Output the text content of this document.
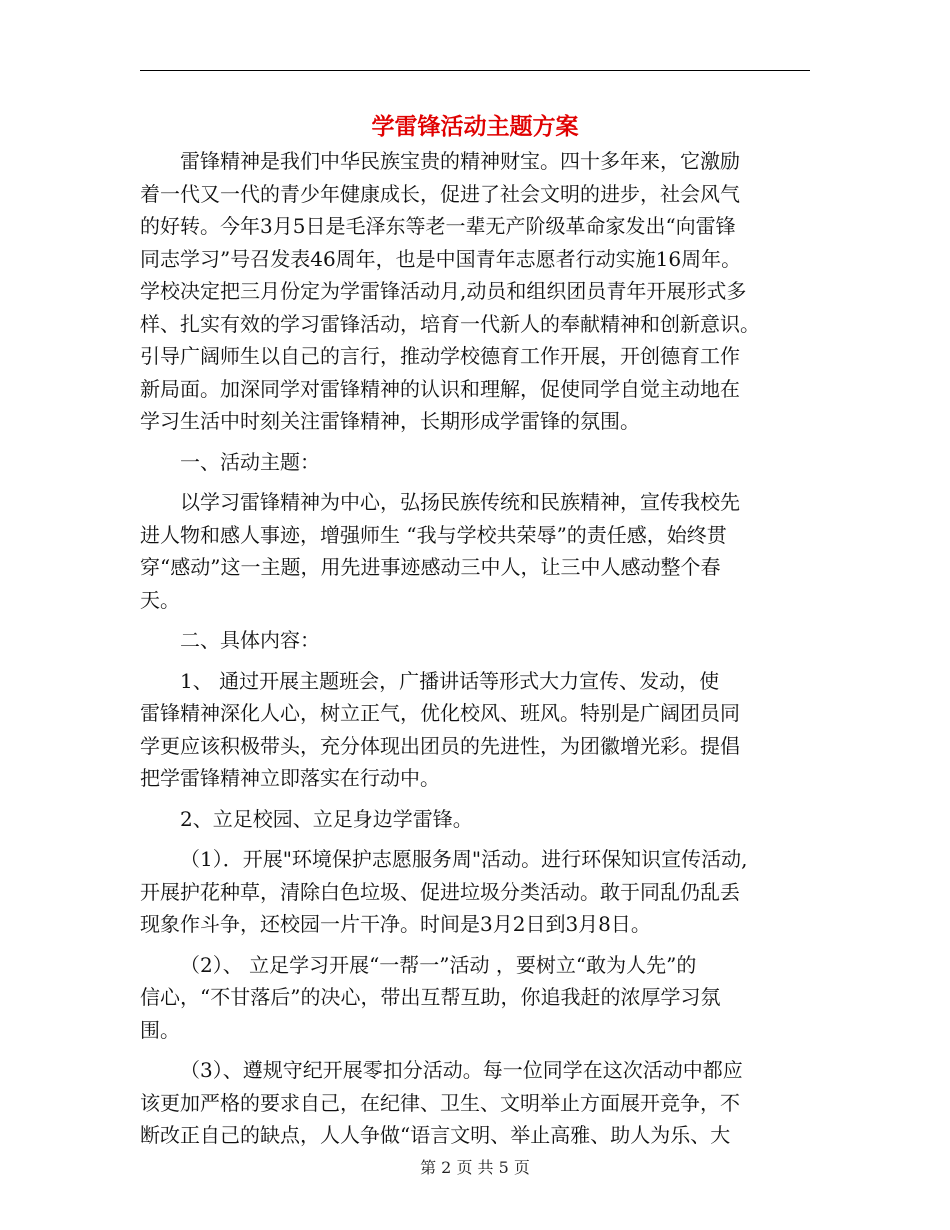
学雷锋活动主题方案
雷锋精神是我们中华民族宝贵的精神财宝。四十多年来，它激励
着一代又一代的青少年健康成长，促进了社会文明的进步，社会风气
的好转。今年3月5日是毛泽东等老一辈无产阶级革命家发出“向雷锋
同志学习”号召发表46周年，也是中国青年志愿者行动实施16周年。
学校决定把三月份定为学雷锋活动月,动员和组织团员青年开展形式多
样、扎实有效的学习雷锋活动，培育一代新人的奉献精神和创新意识。
引导广阔师生以自己的言行，推动学校德育工作开展，开创德育工作
新局面。加深同学对雷锋精神的认识和理解，促使同学自觉主动地在
学习生活中时刻关注雷锋精神，长期形成学雷锋的氛围。
一、活动主题：
以学习雷锋精神为中心，弘扬民族传统和民族精神，宣传我校先
进人物和感人事迹，增强师生 “我与学校共荣辱”的责任感，始终贯
穿“感动”这一主题，用先进事迹感动三中人，让三中人感动整个春
天。
二、具体内容：
1、 通过开展主题班会，广播讲话等形式大力宣传、发动，使
雷锋精神深化人心，树立正气，优化校风、班风。特别是广阔团员同
学更应该积极带头，充分体现出团员的先进性，为团徽增光彩。提倡
把学雷锋精神立即落实在行动中。
2、立足校园、立足身边学雷锋。
（1）．开展"环境保护志愿服务周"活动。进行环保知识宣传活动,
开展护花种草，清除白色垃圾、促进垃圾分类活动。敢于同乱仍乱丢
现象作斗争，还校园一片干净。时间是3月2日到3月8日。
（2）、 立足学习开展“一帮一”活动 ，要树立“敢为人先”的
信心，“不甘落后”的决心，带出互帮互助，你追我赶的浓厚学习氛
围。
（3）、遵规守纪开展零扣分活动。每一位同学在这次活动中都应
该更加严格的要求自己，在纪律、卫生、文明举止方面展开竞争，不
断改正自己的缺点，人人争做“语言文明、举止高雅、助人为乐、大
第 2 页 共 5 页
